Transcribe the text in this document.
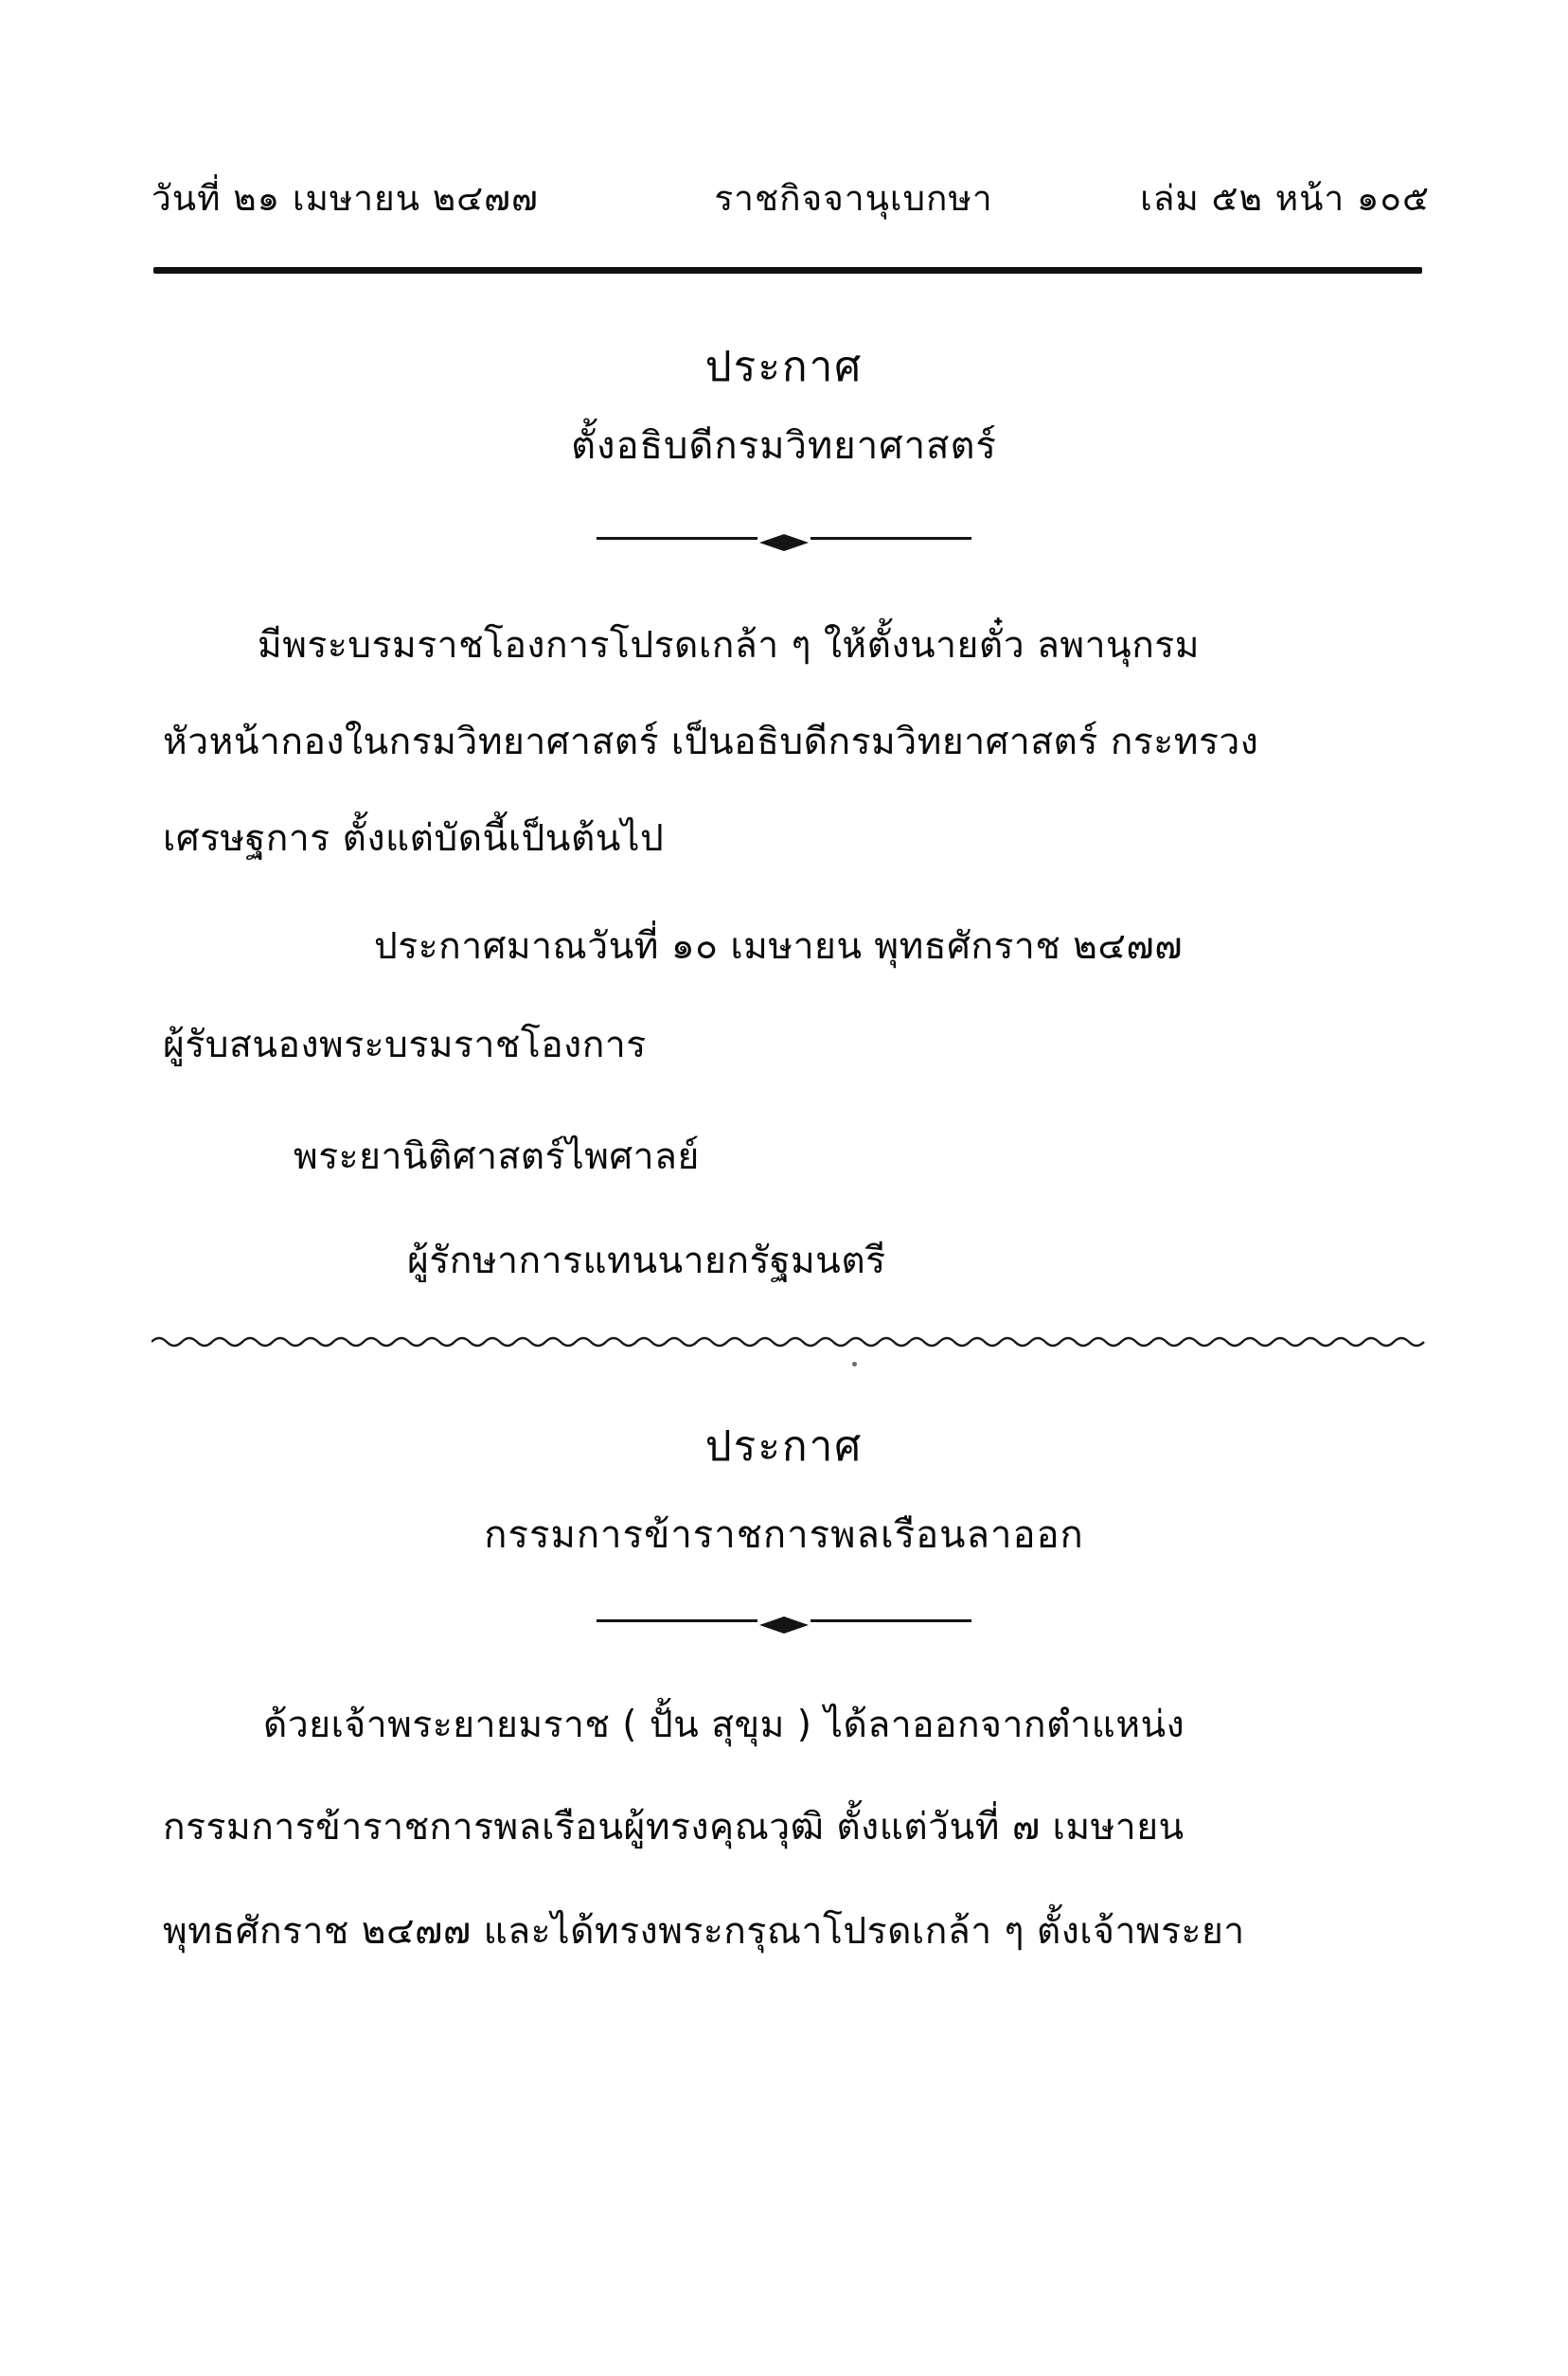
วันที่ ๒๑ เมษายน ๒๔๗๗	ราชกิจจานุเบกษา	เล่ม ๕๒ หน้า ๑๐๕
ประกาศ
ตั้งอธิบดีกรมวิทยาศาสตร์
มีพระบรมราชโองการโปรดเกล้า ๆ ให้ตั้งนายตั๋ว ลพานุกรม
หัวหน้ากองในกรมวิทยาศาสตร์ เป็นอธิบดีกรมวิทยาศาสตร์ กระทรวง
เศรษฐการ ตั้งแต่บัดนี้เป็นต้นไป
ประกาศมาณวันที่ ๑๐ เมษายน พุทธศักราช ๒๔๗๗
ผู้รับสนองพระบรมราชโองการ
พระยานิติศาสตร์ไพศาลย์
ผู้รักษาการแทนนายกรัฐมนตรี
ประกาศ
กรรมการข้าราชการพลเรือนลาออก
ด้วยเจ้าพระยายมราช ( ปั้น สุขุม ) ได้ลาออกจากตำแหน่ง
กรรมการข้าราชการพลเรือนผู้ทรงคุณวุฒิ ตั้งแต่วันที่ ๗ เมษายน
พุทธศักราช ๒๔๗๗ และได้ทรงพระกรุณาโปรดเกล้า ๆ ตั้งเจ้าพระยา
